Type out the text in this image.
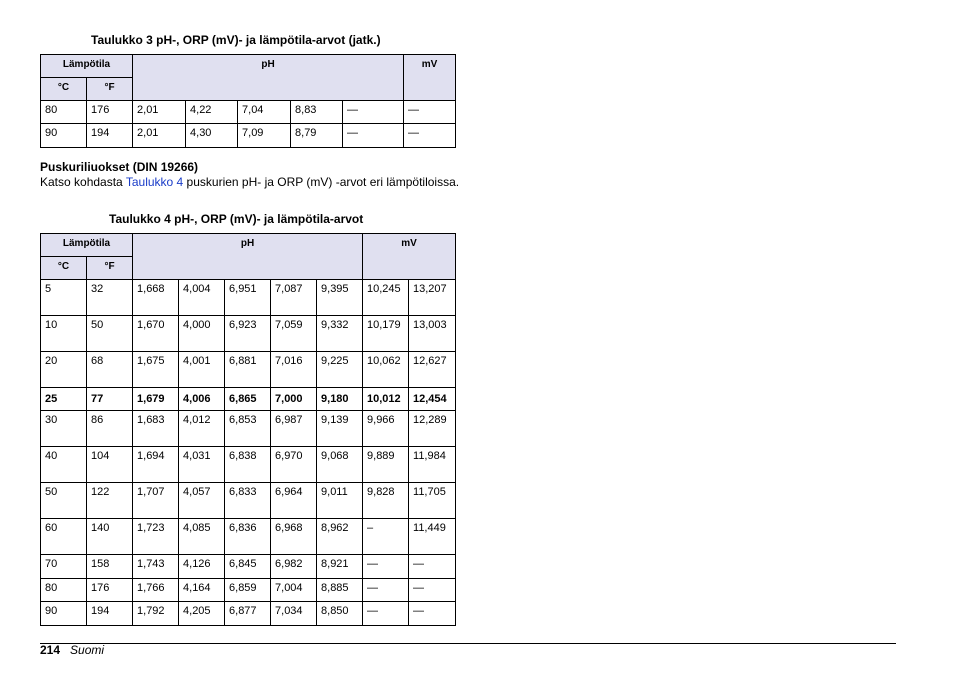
Taulukko 3 pH-, ORP (mV)- ja lämpötila-arvot (jatk.)
Lämpötila		pH					mV
°C	°F						
80	176	2,01	4,22	7,04	8,83	—	—
90	194	2,01	4,30	7,09	8,79	—	—
Puskuriliuokset (DIN 19266)
Katso kohdasta Taulukko 4 puskurien pH- ja ORP (mV) -arvot eri lämpötiloissa.
Taulukko 4 pH-, ORP (mV)- ja lämpötila-arvot
Lämpötila		pH					mV	
°C	°F							
5	32	1,668	4,004	6,951	7,087	9,395	10,245	13,207
10	50	1,670	4,000	6,923	7,059	9,332	10,179	13,003
20	68	1,675	4,001	6,881	7,016	9,225	10,062	12,627
25	77	1,679	4,006	6,865	7,000	9,180	10,012	12,454
30	86	1,683	4,012	6,853	6,987	9,139	9,966	12,289
40	104	1,694	4,031	6,838	6,970	9,068	9,889	11,984
50	122	1,707	4,057	6,833	6,964	9,011	9,828	11,705
60	140	1,723	4,085	6,836	6,968	8,962	–	11,449
70	158	1,743	4,126	6,845	6,982	8,921	—	—
80	176	1,766	4,164	6,859	7,004	8,885	—	—
90	194	1,792	4,205	6,877	7,034	8,850	—	—
214 Suomi
